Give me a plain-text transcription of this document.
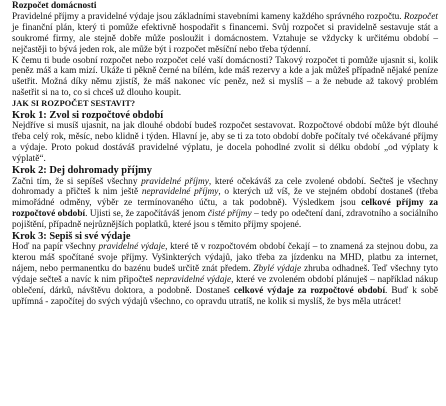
Rozpočet domácnosti

Pravidelné příjmy a pravidelné výdaje jsou základními stavebními kameny každého správného rozpočtu. Rozpočet je finanční plán, který ti pomůže efektivně hospodařit s financemi. Svůj rozpočet si pravidelně sestavuje stát a soukromé firmy, ale stejně dobře může posloužit i domácnostem. Vztahuje se vždycky k určitému období – nejčastěji to bývá jeden rok, ale může být i rozpočet měsíční nebo třeba týdenní.

K čemu ti bude osobní rozpočet nebo rozpočet celé vaší domácnosti? Takový rozpočet ti pomůže ujasnit si, kolik peněz máš a kam mizí. Ukáže ti pěkně černé na bílém, kde máš rezervy a kde a jak můžeš případně nějaké peníze ušetřit. Možná díky němu zjistíš, že máš nakonec víc peněz, než si myslíš – a že nebude až takový problém našetřit si na to, co si chceš už dlouho koupit.

JAK SI ROZPOČET SESTAVIT?

Krok 1: Zvol si rozpočtové období

Nejdříve si musíš ujasnit, na jak dlouhé období budeš rozpočet sestavovat. Rozpočtové období může být dlouhé třeba celý rok, měsíc, nebo klidně i týden. Hlavní je, aby se ti za toto období dobře počítaly tvé očekávané příjmy a výdaje. Proto pokud dostáváš pravidelné výplatu, je docela pohodlné zvolit si délku období „od výplaty k výplatě“.

Krok 2: Dej dohromady příjmy

Začni tím, že si sepíšeš všechny pravidelné příjmy, které očekáváš za cele zvolené období. Sečteš je všechny dohromady a přičteš k nim ještě nepravidelné příjmy, o kterých už víš, že ve stejném období dostaneš (třeba mimořádné odměny, výběr ze termínovaného účtu, a tak podobně). Výsledkem jsou celkové příjmy za rozpočtové období. Ujisti se, že započítáváš jenom čisté příjmy – tedy po odečtení daní, zdravotního a sociálního pojištění, případně nejrůznějších poplatků, které jsou s těmito příjmy spojené.

Krok 3: Sepiš si své výdaje

Hoď na papír všechny pravidelné výdaje, které tě v rozpočtovém období čekají – to znamená za stejnou dobu, za kterou máš spočítané svoje příjmy. Vyšinkterých výdajů, jako třeba za jízdenku na MHD, platbu za internet, nájem, nebo permanentku do bazénu budeš určitě znát předem. Zbylé výdaje zhruba odhadneš. Teď všechny tyto výdaje sečteš a navíc k nim připočteš nepravidelné výdaje, které ve zvoleném období plánuješ – například nákup oblečení, dárků, návštěvu doktora, a podobně. Dostaneš celkové výdaje za rozpočtové období. Buď k sobě upřímná - započítej do svých výdajů všechno, co opravdu utratíš, ne kolik si myslíš, že bys měla utrácet!
